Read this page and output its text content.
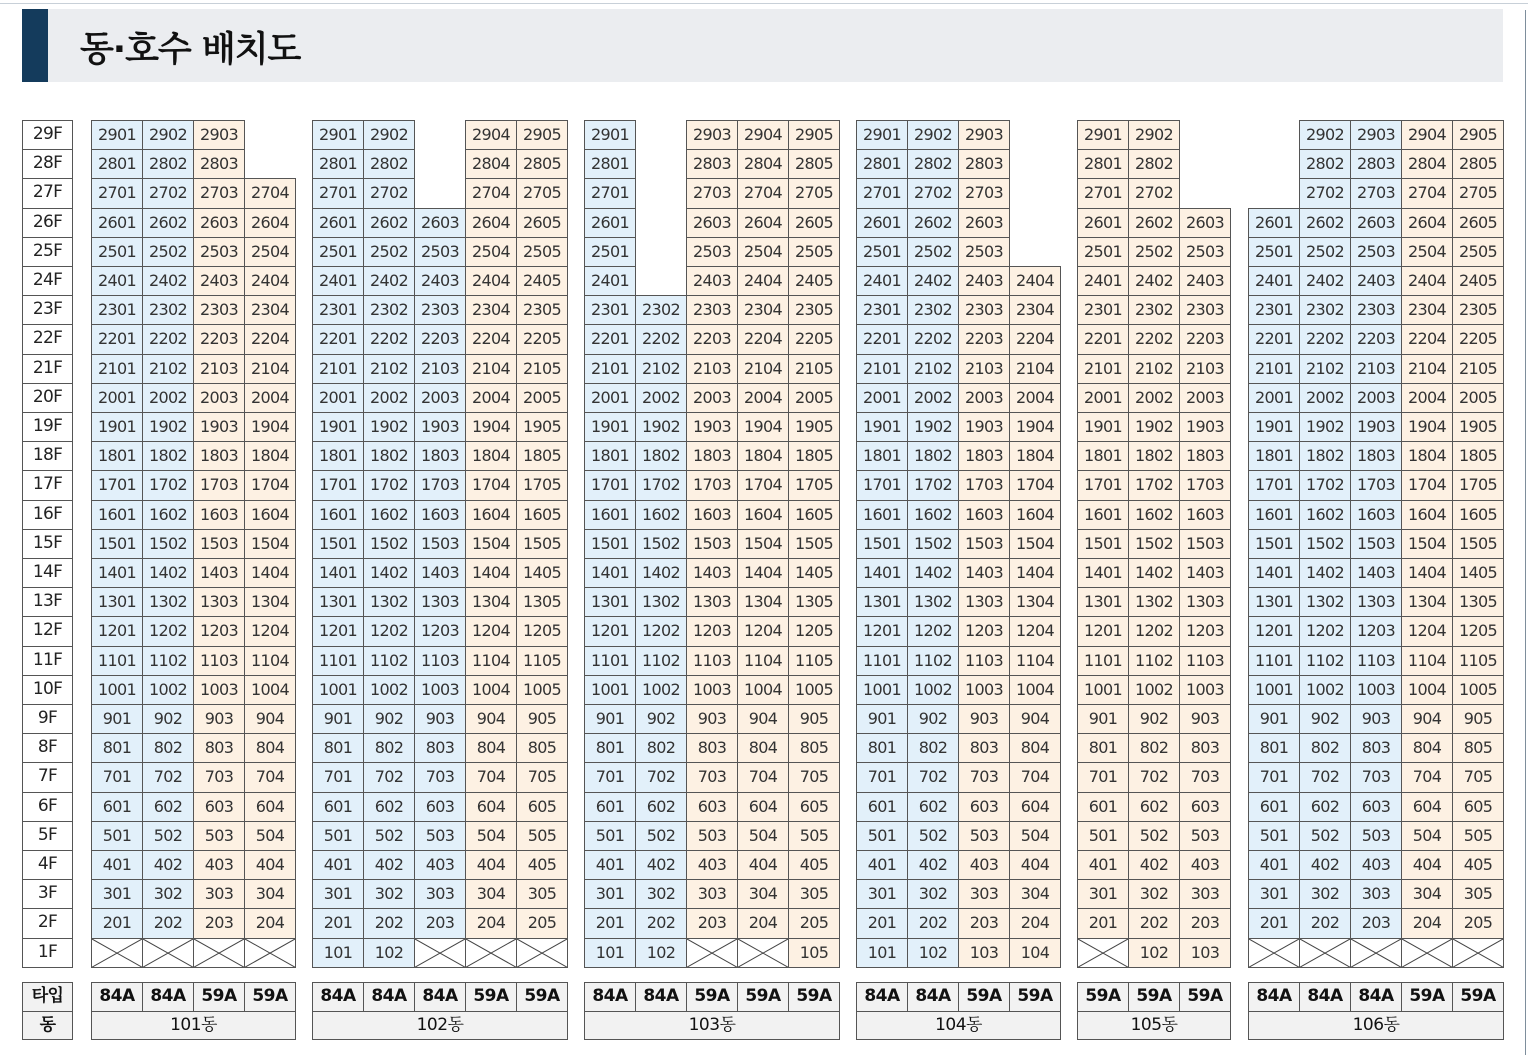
동·호수 배치도
29F
28F
27F
26F
25F
24F
23F
22F
21F
20F
19F
18F
17F
16F
15F
14F
13F
12F
11F
10F
9F
8F
7F
6F
5F
4F
3F
2F
1F
타입
동
2901
2801
2701
2601
2501
2401
2301
2201
2101
2001
1901
1801
1701
1601
1501
1401
1301
1201
1101
1001
901
801
701
601
501
401
301
201
84A
2902
2802
2702
2602
2502
2402
2302
2202
2102
2002
1902
1802
1702
1602
1502
1402
1302
1202
1102
1002
902
802
702
602
502
402
302
202
84A
2903
2803
2703
2603
2503
2403
2303
2203
2103
2003
1903
1803
1703
1603
1503
1403
1303
1203
1103
1003
903
803
703
603
503
403
303
203
59A
2704
2604
2504
2404
2304
2204
2104
2004
1904
1804
1704
1604
1504
1404
1304
1204
1104
1004
904
804
704
604
504
404
304
204
59A
101동
2901
2801
2701
2601
2501
2401
2301
2201
2101
2001
1901
1801
1701
1601
1501
1401
1301
1201
1101
1001
901
801
701
601
501
401
301
201
101
84A
2902
2802
2702
2602
2502
2402
2302
2202
2102
2002
1902
1802
1702
1602
1502
1402
1302
1202
1102
1002
902
802
702
602
502
402
302
202
102
84A
2603
2503
2403
2303
2203
2103
2003
1903
1803
1703
1603
1503
1403
1303
1203
1103
1003
903
803
703
603
503
403
303
203
84A
2904
2804
2704
2604
2504
2404
2304
2204
2104
2004
1904
1804
1704
1604
1504
1404
1304
1204
1104
1004
904
804
704
604
504
404
304
204
59A
2905
2805
2705
2605
2505
2405
2305
2205
2105
2005
1905
1805
1705
1605
1505
1405
1305
1205
1105
1005
905
805
705
605
505
405
305
205
59A
102동
2901
2801
2701
2601
2501
2401
2301
2201
2101
2001
1901
1801
1701
1601
1501
1401
1301
1201
1101
1001
901
801
701
601
501
401
301
201
101
84A
2302
2202
2102
2002
1902
1802
1702
1602
1502
1402
1302
1202
1102
1002
902
802
702
602
502
402
302
202
102
84A
2903
2803
2703
2603
2503
2403
2303
2203
2103
2003
1903
1803
1703
1603
1503
1403
1303
1203
1103
1003
903
803
703
603
503
403
303
203
59A
2904
2804
2704
2604
2504
2404
2304
2204
2104
2004
1904
1804
1704
1604
1504
1404
1304
1204
1104
1004
904
804
704
604
504
404
304
204
59A
2905
2805
2705
2605
2505
2405
2305
2205
2105
2005
1905
1805
1705
1605
1505
1405
1305
1205
1105
1005
905
805
705
605
505
405
305
205
105
59A
103동
2901
2801
2701
2601
2501
2401
2301
2201
2101
2001
1901
1801
1701
1601
1501
1401
1301
1201
1101
1001
901
801
701
601
501
401
301
201
101
84A
2902
2802
2702
2602
2502
2402
2302
2202
2102
2002
1902
1802
1702
1602
1502
1402
1302
1202
1102
1002
902
802
702
602
502
402
302
202
102
84A
2903
2803
2703
2603
2503
2403
2303
2203
2103
2003
1903
1803
1703
1603
1503
1403
1303
1203
1103
1003
903
803
703
603
503
403
303
203
103
59A
2404
2304
2204
2104
2004
1904
1804
1704
1604
1504
1404
1304
1204
1104
1004
904
804
704
604
504
404
304
204
104
59A
104동
2901
2801
2701
2601
2501
2401
2301
2201
2101
2001
1901
1801
1701
1601
1501
1401
1301
1201
1101
1001
901
801
701
601
501
401
301
201
59A
2902
2802
2702
2602
2502
2402
2302
2202
2102
2002
1902
1802
1702
1602
1502
1402
1302
1202
1102
1002
902
802
702
602
502
402
302
202
102
59A
2603
2503
2403
2303
2203
2103
2003
1903
1803
1703
1603
1503
1403
1303
1203
1103
1003
903
803
703
603
503
403
303
203
103
59A
105동
2601
2501
2401
2301
2201
2101
2001
1901
1801
1701
1601
1501
1401
1301
1201
1101
1001
901
801
701
601
501
401
301
201
84A
2902
2802
2702
2602
2502
2402
2302
2202
2102
2002
1902
1802
1702
1602
1502
1402
1302
1202
1102
1002
902
802
702
602
502
402
302
202
84A
2903
2803
2703
2603
2503
2403
2303
2203
2103
2003
1903
1803
1703
1603
1503
1403
1303
1203
1103
1003
903
803
703
603
503
403
303
203
84A
2904
2804
2704
2604
2504
2404
2304
2204
2104
2004
1904
1804
1704
1604
1504
1404
1304
1204
1104
1004
904
804
704
604
504
404
304
204
59A
2905
2805
2705
2605
2505
2405
2305
2205
2105
2005
1905
1805
1705
1605
1505
1405
1305
1205
1105
1005
905
805
705
605
505
405
305
205
59A
106동
